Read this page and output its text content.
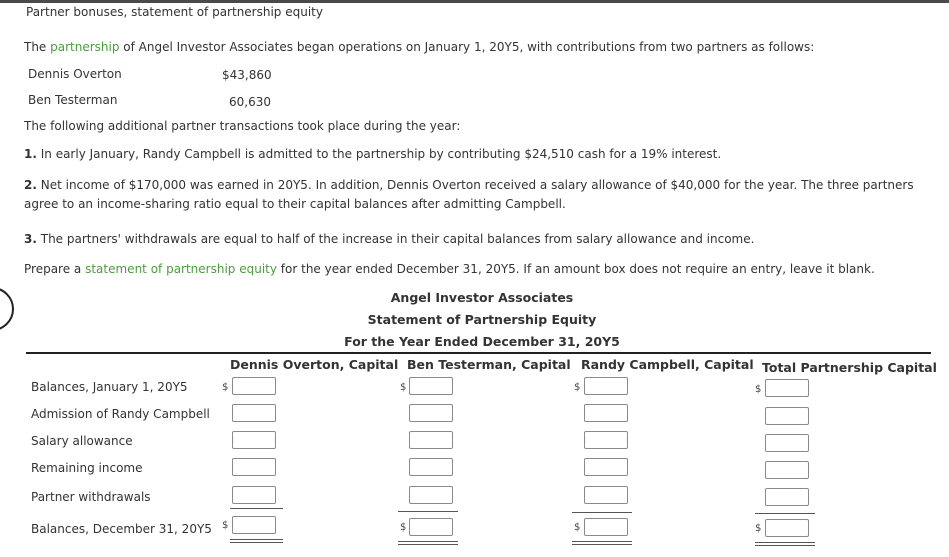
Partner bonuses, statement of partnership equity
The partnership of Angel Investor Associates began operations on January 1, 20Y5, with contributions from two partners as follows:
Dennis Overton	$43,860
Ben Testerman	60,630
The following additional partner transactions took place during the year:
1. In early January, Randy Campbell is admitted to the partnership by contributing $24,510 cash for a 19% interest.
2. Net income of $170,000 was earned in 20Y5. In addition, Dennis Overton received a salary allowance of $40,000 for the year. The three partners agree to an income-sharing ratio equal to their capital balances after admitting Campbell.
3. The partners' withdrawals are equal to half of the increase in their capital balances from salary allowance and income.
Prepare a statement of partnership equity for the year ended December 31, 20Y5. If an amount box does not require an entry, leave it blank.
Angel Investor Associates
Statement of Partnership Equity
For the Year Ended December 31, 20Y5
Dennis Overton, Capital Ben Testerman, Capital Randy Campbell, Capital Total Partnership Capital
Balances, January 1, 20Y5
Admission of Randy Campbell
Salary allowance
Remaining income
Partner withdrawals
Balances, December 31, 20Y5
$
$
$
$
$
$
$
$
